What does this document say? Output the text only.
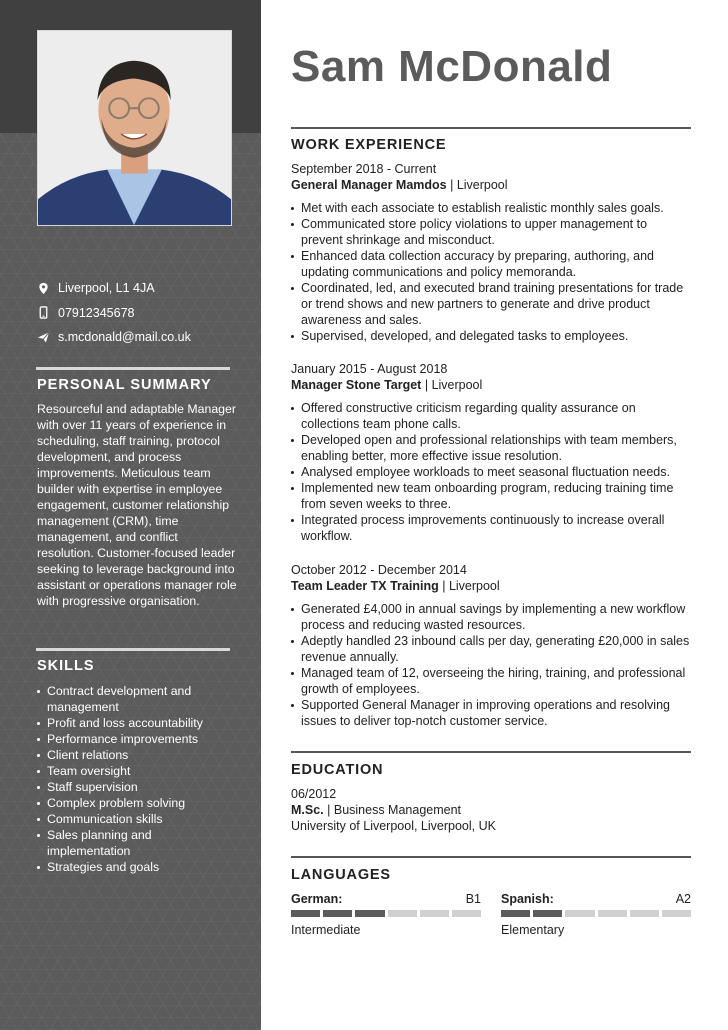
Liverpool, L1 4JA
07912345678
s.mcdonald@mail.co.uk
PERSONAL SUMMARY
Resourceful and adaptable Manager with over 11 years of experience in scheduling, staff training, protocol development, and process improvements. Meticulous team builder with expertise in employee engagement, customer relationship management (CRM), time management, and conflict resolution. Customer-focused leader seeking to leverage background into assistant or operations manager role with progressive organisation.
SKILLS
Contract development and management
Profit and loss accountability
Performance improvements
Client relations
Team oversight
Staff supervision
Complex problem solving
Communication skills
Sales planning and implementation
Strategies and goals
Sam McDonald
WORK EXPERIENCE
September 2018 - Current
General Manager Mamdos | Liverpool
Met with each associate to establish realistic monthly sales goals.
Communicated store policy violations to upper management to prevent shrinkage and misconduct.
Enhanced data collection accuracy by preparing, authoring, and updating communications and policy memoranda.
Coordinated, led, and executed brand training presentations for trade or trend shows and new partners to generate and drive product awareness and sales.
Supervised, developed, and delegated tasks to employees.
January 2015 - August 2018
Manager Stone Target | Liverpool
Offered constructive criticism regarding quality assurance on collections team phone calls.
Developed open and professional relationships with team members, enabling better, more effective issue resolution.
Analysed employee workloads to meet seasonal fluctuation needs.
Implemented new team onboarding program, reducing training time from seven weeks to three.
Integrated process improvements continuously to increase overall workflow.
October 2012 - December 2014
Team Leader TX Training | Liverpool
Generated £4,000 in annual savings by implementing a new workflow process and reducing wasted resources.
Adeptly handled 23 inbound calls per day, generating £20,000 in sales revenue annually.
Managed team of 12, overseeing the hiring, training, and professional growth of employees.
Supported General Manager in improving operations and resolving issues to deliver top-notch customer service.
EDUCATION
06/2012
M.Sc. | Business Management
University of Liverpool, Liverpool, UK
LANGUAGES
German:	B1
Intermediate
Spanish:	A2
Elementary
